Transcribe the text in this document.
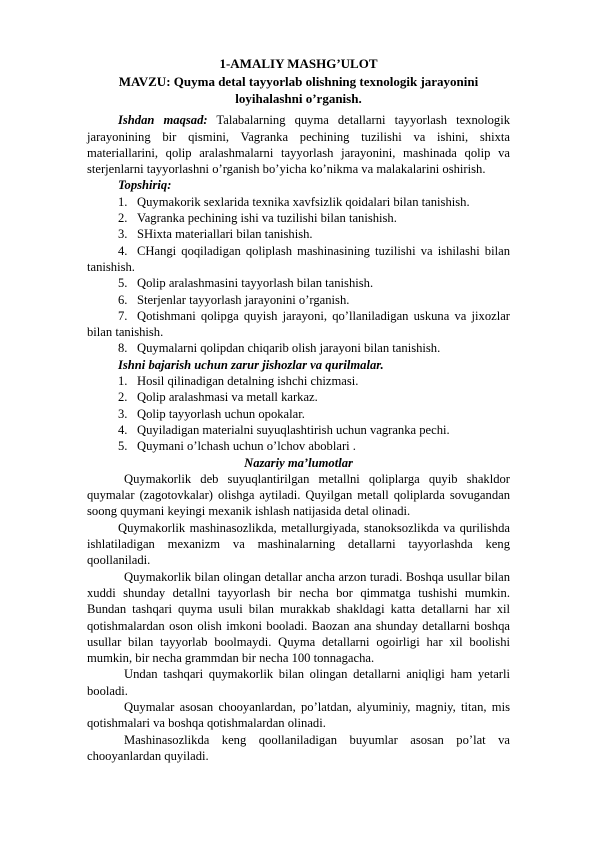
1-AMALIY MASHG’ULOT
MAVZU: Quyma detal tayyorlab olishning texnologik jarayonini loyihalashni o’rganish.
Ishdan maqsad: Talabalarning quyma detallarni tayyorlash texnologik jarayonining bir qismini, Vagranka pechining tuzilishi va ishini, shixta materiallarini, qolip aralashmalarni tayyorlash jarayonini, mashinada qolip va sterjenlarni tayyorlashni o’rganish bo’yicha ko’nikma va malakalarini oshirish.
Topshiriq:
1. Quymakorik sexlarida texnika xavfsizlik qoidalari bilan tanishish.
2. Vagranka pechining ishi va tuzilishi bilan tanishish.
3. SHixta materiallari bilan tanishish.
4. CHangi qoqiladigan qoliplash mashinasining tuzilishi va ishilashi bilan tanishish.
5. Qolip aralashmasini tayyorlash bilan tanishish.
6. Sterjenlar tayyorlash jarayonini o’rganish.
7. Qotishmani qolipga quyish jarayoni, qo’llaniladigan uskuna va jixozlar bilan tanishish.
8. Quymalarni qolipdan chiqarib olish jarayoni bilan tanishish.
Ishni bajarish uchun zarur jishozlar va qurilmalar.
1. Hosil qilinadigan detalning ishchi chizmasi.
2. Qolip aralashmasi va metall karkaz.
3. Qolip tayyorlash uchun opokalar.
4. Quyiladigan materialni suyuqlashtirish uchun vagranka pechi.
5. Quymani o’lchash uchun o’lchov aboblari .
Nazariy ma’lumotlar
Quymakorlik deb suyuqlantirilgan metallni qoliplarga quyib shakldor quymalar (zagotovkalar) olishga aytiladi. Quyilgan metall qoliplarda sovugandan soong quymani keyingi mexanik ishlash natijasida detal olinadi.
Quymakorlik mashinasozlikda, metallurgiyada, stanoksozlikda va qurilishda ishlatiladigan mexanizm va mashinalarning detallarni tayyorlashda keng qoollaniladi.
Quymakorlik bilan olingan detallar ancha arzon turadi. Boshqa usullar bilan xuddi shunday detallni tayyorlash bir necha bor qimmatga tushishi mumkin. Bundan tashqari quyma usuli bilan murakkab shakldagi katta detallarni har xil qotishmalardan oson olish imkoni booladi. Baozan ana shunday detallarni boshqa usullar bilan tayyorlab boolmaydi. Quyma detallarni ogoirligi har xil boolishi mumkin, bir necha grammdan bir necha 100 tonnagacha.
Undan tashqari quymakorlik bilan olingan detallarni aniqligi ham yetarli booladi.
Quymalar asosan chooyanlardan, po’latdan, alyuminiy, magniy, titan, mis qotishmalari va boshqa qotishmalardan olinadi.
Mashinasozlikda keng qoollaniladigan buyumlar asosan po’lat va chooyanlardan quyiladi.
